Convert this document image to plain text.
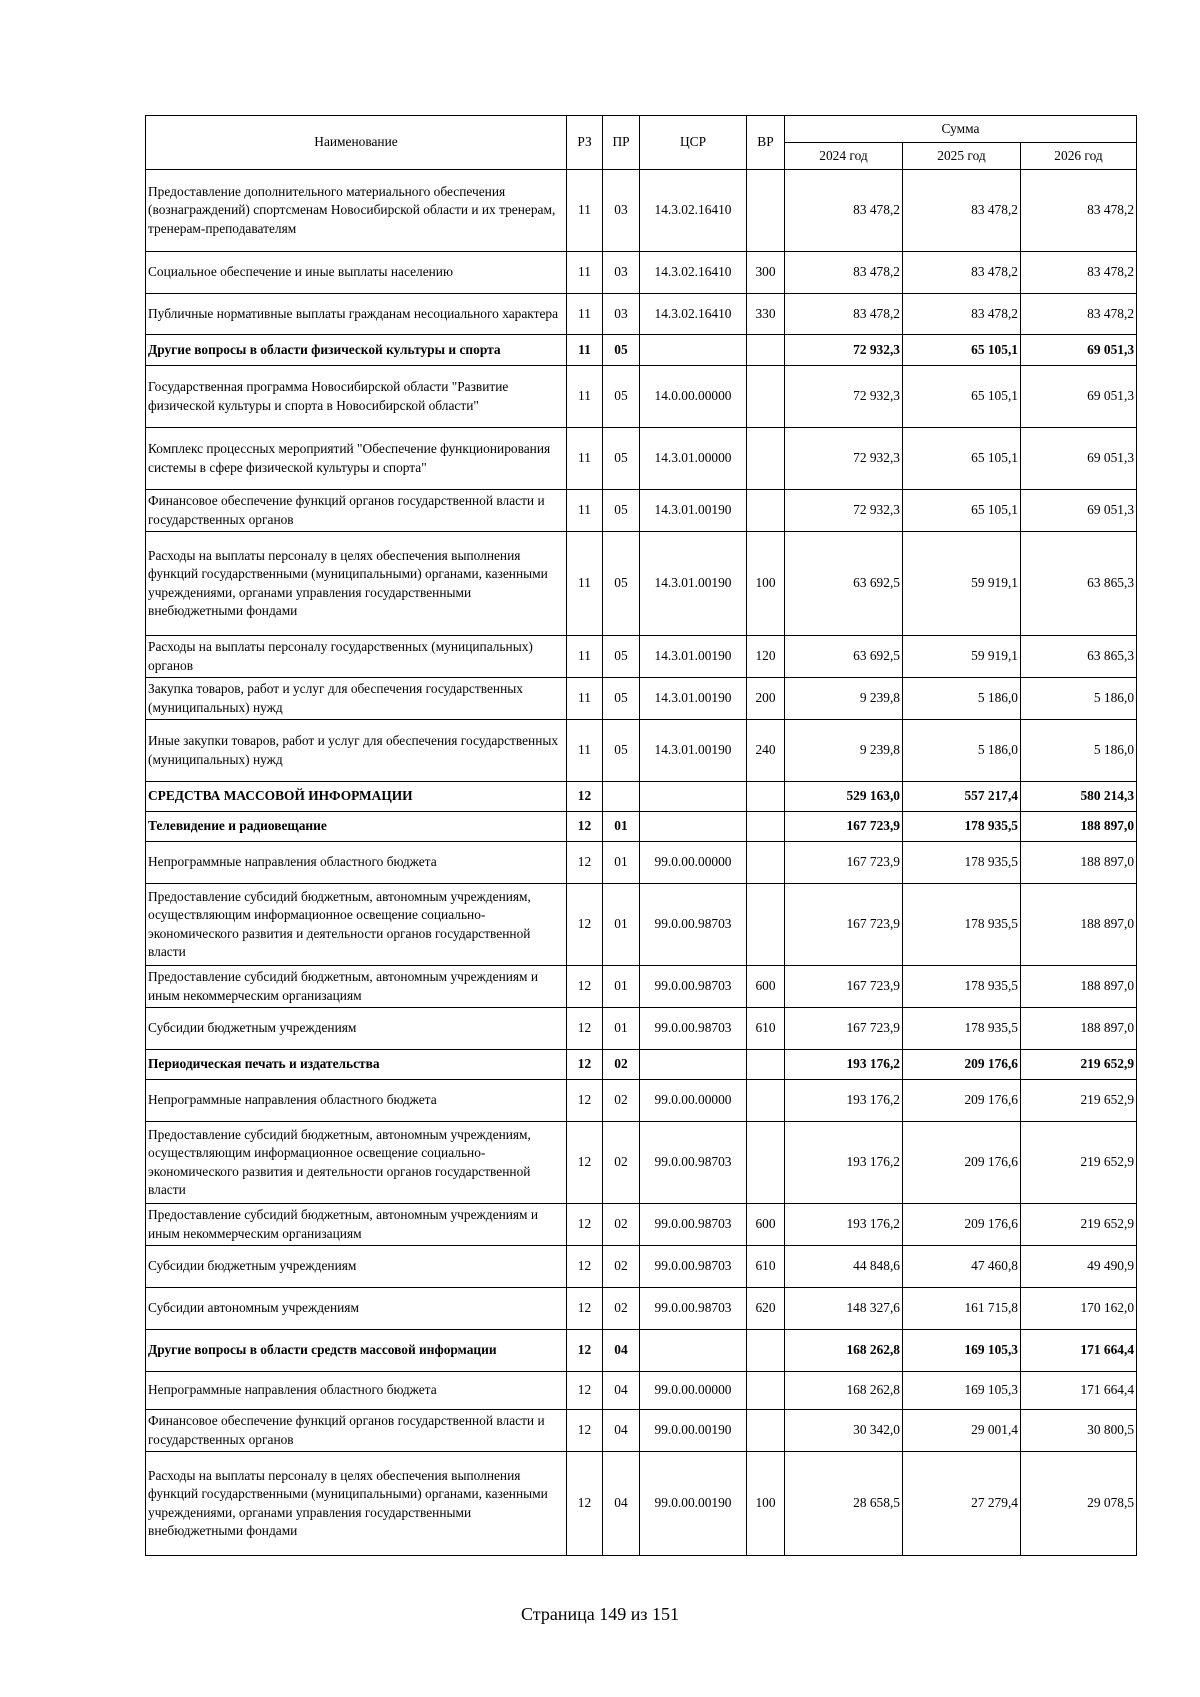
Наименование	РЗ	ПР	ЦСР	ВР	Сумма		
					2024 год	2025 год	2026 год
Предоставление дополнительного материального обеспечения (вознаграждений) спортсменам Новосибирской области и их тренерам, тренерам-преподавателям	11	03	14.3.02.16410		83 478,2	83 478,2	83 478,2
Социальное обеспечение и иные выплаты населению	11	03	14.3.02.16410	300	83 478,2	83 478,2	83 478,2
Публичные нормативные выплаты гражданам несоциального характера	11	03	14.3.02.16410	330	83 478,2	83 478,2	83 478,2
Другие вопросы в области физической культуры и спорта	11	05			72 932,3	65 105,1	69 051,3
Государственная программа Новосибирской области "Развитие физической культуры и спорта в Новосибирской области"	11	05	14.0.00.00000		72 932,3	65 105,1	69 051,3
Комплекс процессных мероприятий "Обеспечение функционирования системы в сфере физической культуры и спорта"	11	05	14.3.01.00000		72 932,3	65 105,1	69 051,3
Финансовое обеспечение функций органов государственной власти и государственных органов	11	05	14.3.01.00190		72 932,3	65 105,1	69 051,3
Расходы на выплаты персоналу в целях обеспечения выполнения функций государственными (муниципальными) органами, казенными учреждениями, органами управления государственными внебюджетными фондами	11	05	14.3.01.00190	100	63 692,5	59 919,1	63 865,3
Расходы на выплаты персоналу государственных (муниципальных) органов	11	05	14.3.01.00190	120	63 692,5	59 919,1	63 865,3
Закупка товаров, работ и услуг для обеспечения государственных (муниципальных) нужд	11	05	14.3.01.00190	200	9 239,8	5 186,0	5 186,0
Иные закупки товаров, работ и услуг для обеспечения государственных (муниципальных) нужд	11	05	14.3.01.00190	240	9 239,8	5 186,0	5 186,0
СРЕДСТВА МАССОВОЙ ИНФОРМАЦИИ	12				529 163,0	557 217,4	580 214,3
Телевидение и радиовещание	12	01			167 723,9	178 935,5	188 897,0
Непрограммные направления областного бюджета	12	01	99.0.00.00000		167 723,9	178 935,5	188 897,0
Предоставление субсидий бюджетным, автономным учреждениям, осуществляющим информационное освещение социально-экономического развития и деятельности органов государственной власти	12	01	99.0.00.98703		167 723,9	178 935,5	188 897,0
Предоставление субсидий бюджетным, автономным учреждениям и иным некоммерческим организациям	12	01	99.0.00.98703	600	167 723,9	178 935,5	188 897,0
Субсидии бюджетным учреждениям	12	01	99.0.00.98703	610	167 723,9	178 935,5	188 897,0
Периодическая печать и издательства	12	02			193 176,2	209 176,6	219 652,9
Непрограммные направления областного бюджета	12	02	99.0.00.00000		193 176,2	209 176,6	219 652,9
Предоставление субсидий бюджетным, автономным учреждениям, осуществляющим информационное освещение социально-экономического развития и деятельности органов государственной власти	12	02	99.0.00.98703		193 176,2	209 176,6	219 652,9
Предоставление субсидий бюджетным, автономным учреждениям и иным некоммерческим организациям	12	02	99.0.00.98703	600	193 176,2	209 176,6	219 652,9
Субсидии бюджетным учреждениям	12	02	99.0.00.98703	610	44 848,6	47 460,8	49 490,9
Субсидии автономным учреждениям	12	02	99.0.00.98703	620	148 327,6	161 715,8	170 162,0
Другие вопросы в области средств массовой информации	12	04			168 262,8	169 105,3	171 664,4
Непрограммные направления областного бюджета	12	04	99.0.00.00000		168 262,8	169 105,3	171 664,4
Финансовое обеспечение функций органов государственной власти и государственных органов	12	04	99.0.00.00190		30 342,0	29 001,4	30 800,5
Расходы на выплаты персоналу в целях обеспечения выполнения функций государственными (муниципальными) органами, казенными учреждениями, органами управления государственными внебюджетными фондами	12	04	99.0.00.00190	100	28 658,5	27 279,4	29 078,5
Страница 149 из 151
